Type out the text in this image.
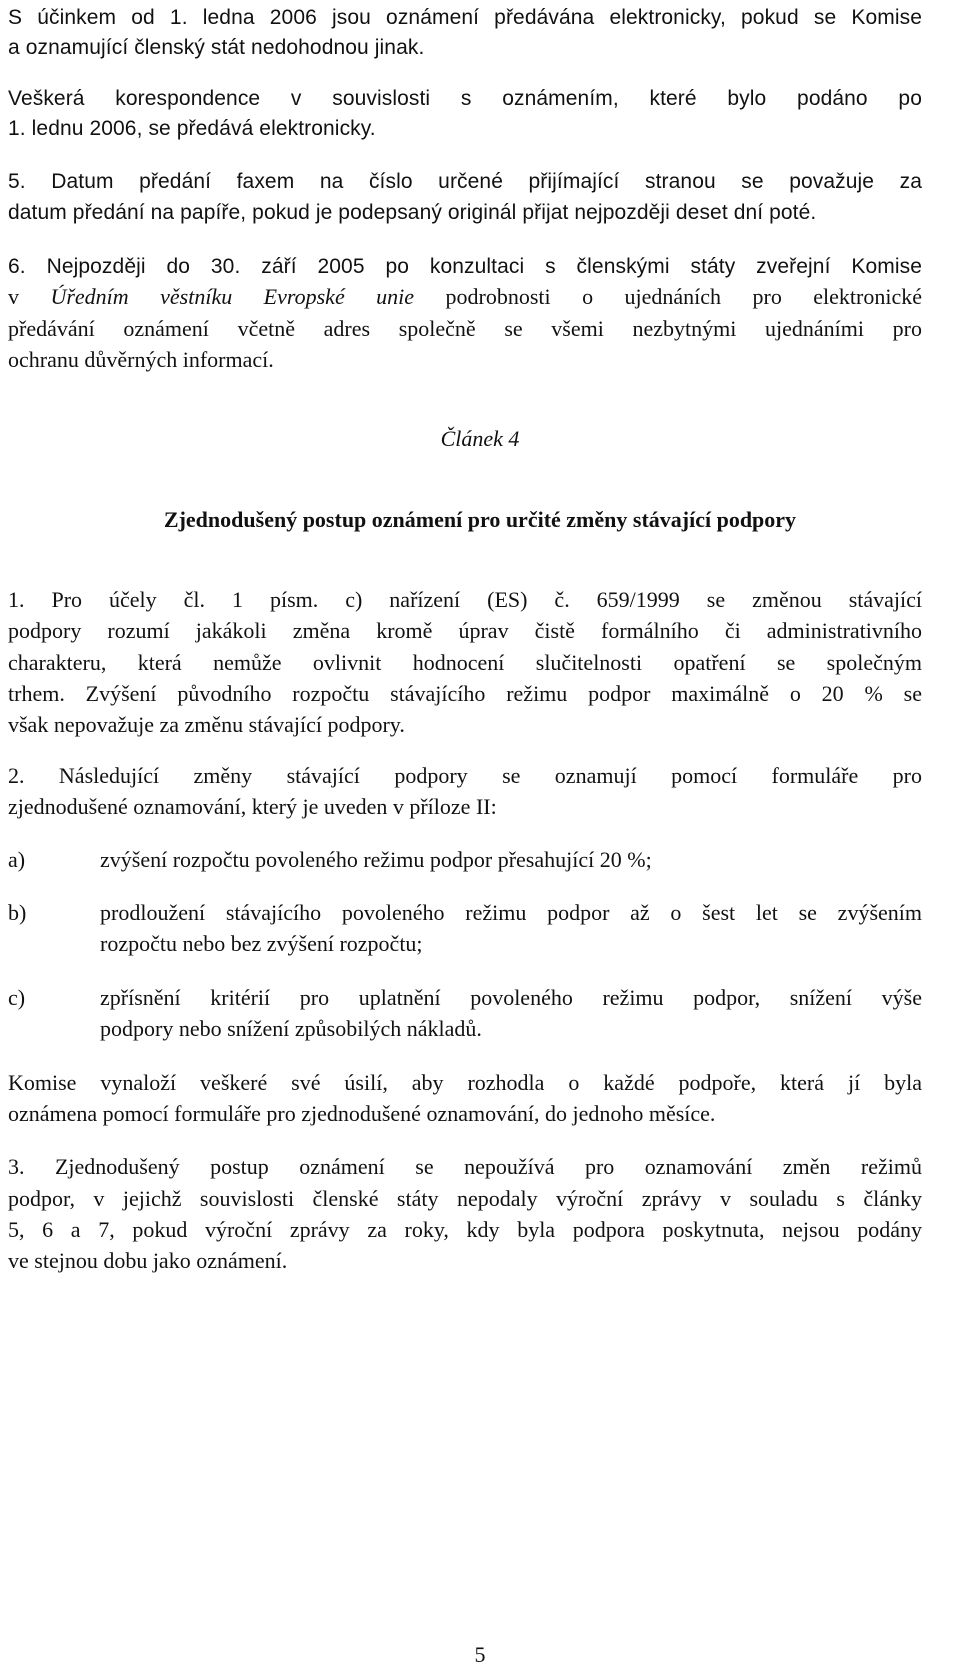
S účinkem od 1. ledna 2006 jsou oznámení předávána elektronicky, pokud se Komise
a oznamující členský stát nedohodnou jinak.
Veškerá korespondence v souvislosti s oznámením, které bylo podáno po
1. lednu 2006, se předává elektronicky.
5. Datum předání faxem na číslo určené přijímající stranou se považuje za
datum předání na papíře, pokud je podepsaný originál přijat nejpozději deset dní poté.
6. Nejpozději do 30. září 2005 po konzultaci s členskými státy zveřejní Komise
v Úředním věstníku Evropské unie podrobnosti o ujednáních pro elektronické
předávání oznámení včetně adres společně se všemi nezbytnými ujednáními pro
ochranu důvěrných informací.
Článek 4
Zjednodušený postup oznámení pro určité změny stávající podpory
1. Pro účely čl. 1 písm. c) nařízení (ES) č. 659/1999 se změnou stávající
podpory rozumí jakákoli změna kromě úprav čistě formálního či administrativního
charakteru, která nemůže ovlivnit hodnocení slučitelnosti opatření se společným
trhem. Zvýšení původního rozpočtu stávajícího režimu podpor maximálně o 20 % se
však nepovažuje za změnu stávající podpory.
2. Následující změny stávající podpory se oznamují pomocí formuláře pro
zjednodušené oznamování, který je uveden v příloze II:
a)	zvýšení rozpočtu povoleného režimu podpor přesahující 20 %;
b)	prodloužení stávajícího povoleného režimu podpor až o šest let se zvýšením
rozpočtu nebo bez zvýšení rozpočtu;
c)	zpřísnění kritérií pro uplatnění povoleného režimu podpor, snížení výše
podpory nebo snížení způsobilých nákladů.
Komise vynaloží veškeré své úsilí, aby rozhodla o každé podpoře, která jí byla
oznámena pomocí formuláře pro zjednodušené oznamování, do jednoho měsíce.
3. Zjednodušený postup oznámení se nepoužívá pro oznamování změn režimů
podpor, v jejichž souvislosti členské státy nepodaly výroční zprávy v souladu s články
5, 6 a 7, pokud výroční zprávy za roky, kdy byla podpora poskytnuta, nejsou podány
ve stejnou dobu jako oznámení.
5
